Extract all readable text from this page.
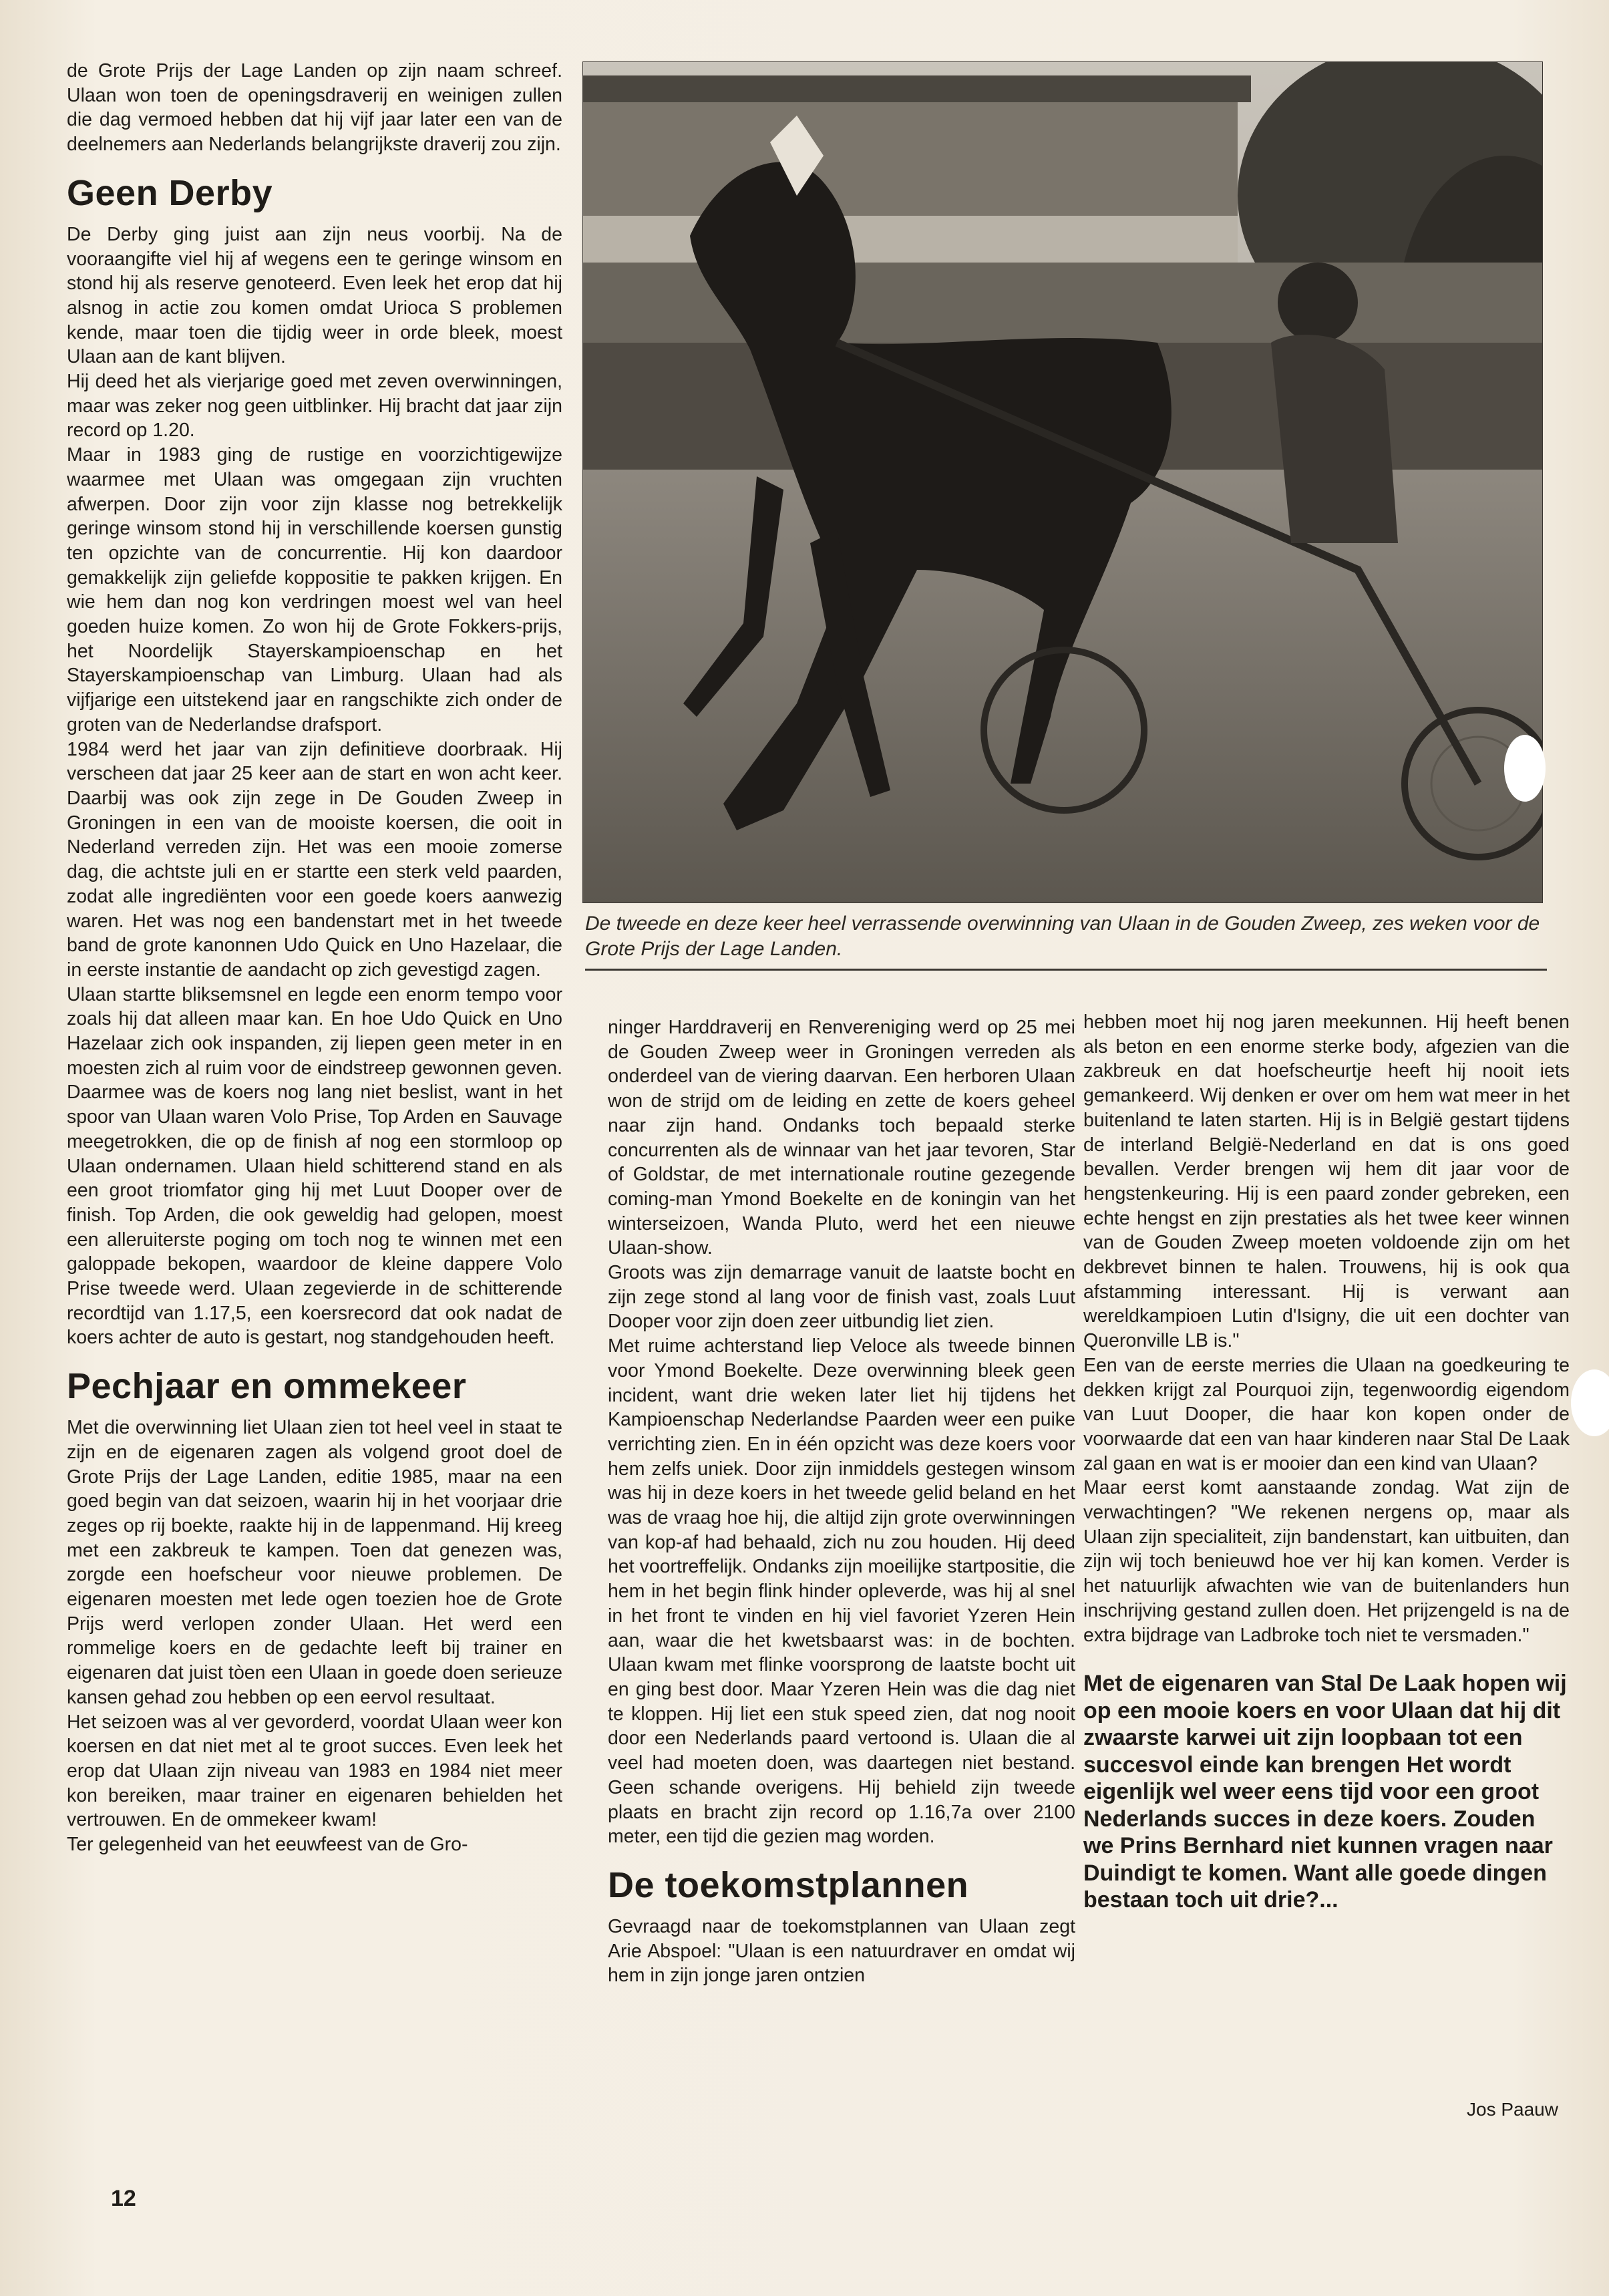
de Grote Prijs der Lage Landen op zijn naam schreef. Ulaan won toen de openingsdraverij en weinigen zullen die dag vermoed hebben dat hij vijf jaar later een van de deelnemers aan Nederlands belangrijkste draverij zou zijn.

Geen Derby

De Derby ging juist aan zijn neus voorbij. Na de vooraangifte viel hij af wegens een te geringe winsom en stond hij als reserve genoteerd. Even leek het erop dat hij alsnog in actie zou komen omdat Urioca S problemen kende, maar toen die tijdig weer in orde bleek, moest Ulaan aan de kant blijven.

Hij deed het als vierjarige goed met zeven overwinningen, maar was zeker nog geen uitblinker. Hij bracht dat jaar zijn record op 1.20.

Maar in 1983 ging de rustige en voorzichtigewijze waarmee met Ulaan was omgegaan zijn vruchten afwerpen. Door zijn voor zijn klasse nog betrekkelijk geringe winsom stond hij in verschillende koersen gunstig ten opzichte van de concurrentie. Hij kon daardoor gemakkelijk zijn geliefde koppositie te pakken krijgen. En wie hem dan nog kon verdringen moest wel van heel goeden huize komen. Zo won hij de Grote Fokkers-prijs, het Noordelijk Stayerskampioenschap en het Stayerskampioenschap van Limburg. Ulaan had als vijfjarige een uitstekend jaar en rangschikte zich onder de groten van de Nederlandse drafsport.

1984 werd het jaar van zijn definitieve doorbraak. Hij verscheen dat jaar 25 keer aan de start en won acht keer. Daarbij was ook zijn zege in De Gouden Zweep in Groningen in een van de mooiste koersen, die ooit in Nederland verreden zijn. Het was een mooie zomerse dag, die achtste juli en er startte een sterk veld paarden, zodat alle ingrediënten voor een goede koers aanwezig waren. Het was nog een bandenstart met in het tweede band de grote kanonnen Udo Quick en Uno Hazelaar, die in eerste instantie de aandacht op zich gevestigd zagen.

Ulaan startte bliksemsnel en legde een enorm tempo voor zoals hij dat alleen maar kan. En hoe Udo Quick en Uno Hazelaar zich ook inspanden, zij liepen geen meter in en moesten zich al ruim voor de eindstreep gewonnen geven. Daarmee was de koers nog lang niet beslist, want in het spoor van Ulaan waren Volo Prise, Top Arden en Sauvage meegetrokken, die op de finish af nog een stormloop op Ulaan ondernamen. Ulaan hield schitterend stand en als een groot triomfator ging hij met Luut Dooper over de finish. Top Arden, die ook geweldig had gelopen, moest een alleruiterste poging om toch nog te winnen met een galoppade bekopen, waardoor de kleine dappere Volo Prise tweede werd. Ulaan zegevierde in de schitterende recordtijd van 1.17,5, een koersrecord dat ook nadat de koers achter de auto is gestart, nog standgehouden heeft.

Pechjaar en ommekeer

Met die overwinning liet Ulaan zien tot heel veel in staat te zijn en de eigenaren zagen als volgend groot doel de Grote Prijs der Lage Landen, editie 1985, maar na een goed begin van dat seizoen, waarin hij in het voorjaar drie zeges op rij boekte, raakte hij in de lappenmand. Hij kreeg met een zakbreuk te kampen. Toen dat genezen was, zorgde een hoefscheur voor nieuwe problemen. De eigenaren moesten met lede ogen toezien hoe de Grote Prijs werd verlopen zonder Ulaan. Het werd een rommelige koers en de gedachte leeft bij trainer en eigenaren dat juist tòen een Ulaan in goede doen serieuze kansen gehad zou hebben op een eervol resultaat.

Het seizoen was al ver gevorderd, voordat Ulaan weer kon koersen en dat niet met al te groot succes. Even leek het erop dat Ulaan zijn niveau van 1983 en 1984 niet meer kon bereiken, maar trainer en eigenaren behielden het vertrouwen. En de ommekeer kwam!

Ter gelegenheid van het eeuwfeest van de Gro-

De tweede en deze keer heel verrassende overwinning van Ulaan in de Gouden Zweep, zes weken voor de Grote Prijs der Lage Landen.

ninger Harddraverij en Renvereniging werd op 25 mei de Gouden Zweep weer in Groningen verreden als onderdeel van de viering daarvan. Een herboren Ulaan won de strijd om de leiding en zette de koers geheel naar zijn hand. Ondanks toch bepaald sterke concurrenten als de winnaar van het jaar tevoren, Star of Goldstar, de met internationale routine gezegende coming-man Ymond Boekelte en de koningin van het winterseizoen, Wanda Pluto, werd het een nieuwe Ulaan-show.

Groots was zijn demarrage vanuit de laatste bocht en zijn zege stond al lang voor de finish vast, zoals Luut Dooper voor zijn doen zeer uitbundig liet zien.

Met ruime achterstand liep Veloce als tweede binnen voor Ymond Boekelte. Deze overwinning bleek geen incident, want drie weken later liet hij tijdens het Kampioenschap Nederlandse Paarden weer een puike verrichting zien. En in één opzicht was deze koers voor hem zelfs uniek. Door zijn inmiddels gestegen winsom was hij in deze koers in het tweede gelid beland en het was de vraag hoe hij, die altijd zijn grote overwinningen van kop-af had behaald, zich nu zou houden. Hij deed het voortreffelijk. Ondanks zijn moeilijke startpositie, die hem in het begin flink hinder opleverde, was hij al snel in het front te vinden en hij viel favoriet Yzeren Hein aan, waar die het kwetsbaarst was: in de bochten. Ulaan kwam met flinke voorsprong de laatste bocht uit en ging best door. Maar Yzeren Hein was die dag niet te kloppen. Hij liet een stuk speed zien, dat nog nooit door een Nederlands paard vertoond is. Ulaan die al veel had moeten doen, was daartegen niet bestand. Geen schande overigens. Hij behield zijn tweede plaats en bracht zijn record op 1.16,7a over 2100 meter, een tijd die gezien mag worden.

De toekomstplannen

Gevraagd naar de toekomstplannen van Ulaan zegt Arie Abspoel: "Ulaan is een natuurdraver en omdat wij hem in zijn jonge jaren ontzien

hebben moet hij nog jaren meekunnen. Hij heeft benen als beton en een enorme sterke body, afgezien van die zakbreuk en dat hoefscheurtje heeft hij nooit iets gemankeerd. Wij denken er over om hem wat meer in het buitenland te laten starten. Hij is in België gestart tijdens de interland België-Nederland en dat is ons goed bevallen. Verder brengen wij hem dit jaar voor de hengstenkeuring. Hij is een paard zonder gebreken, een echte hengst en zijn prestaties als het twee keer winnen van de Gouden Zweep moeten voldoende zijn om het dekbrevet binnen te halen. Trouwens, hij is ook qua afstamming interessant. Hij is verwant aan wereldkampioen Lutin d'Isigny, die uit een dochter van Queronville LB is."

Een van de eerste merries die Ulaan na goedkeuring te dekken krijgt zal Pourquoi zijn, tegenwoordig eigendom van Luut Dooper, die haar kon kopen onder de voorwaarde dat een van haar kinderen naar Stal De Laak zal gaan en wat is er mooier dan een kind van Ulaan?

Maar eerst komt aanstaande zondag. Wat zijn de verwachtingen? "We rekenen nergens op, maar als Ulaan zijn specialiteit, zijn bandenstart, kan uitbuiten, dan zijn wij toch benieuwd hoe ver hij kan komen. Verder is het natuurlijk afwachten wie van de buitenlanders hun inschrijving gestand zullen doen. Het prijzengeld is na de extra bijdrage van Ladbroke toch niet te versmaden."

Met de eigenaren van Stal De Laak hopen wij op een mooie koers en voor Ulaan dat hij dit zwaarste karwei uit zijn loopbaan tot een succesvol einde kan brengen Het wordt eigenlijk wel weer eens tijd voor een groot Nederlands succes in deze koers. Zouden we Prins Bernhard niet kunnen vragen naar Duindigt te komen. Want alle goede dingen bestaan toch uit drie?...

Jos Paauw
12
